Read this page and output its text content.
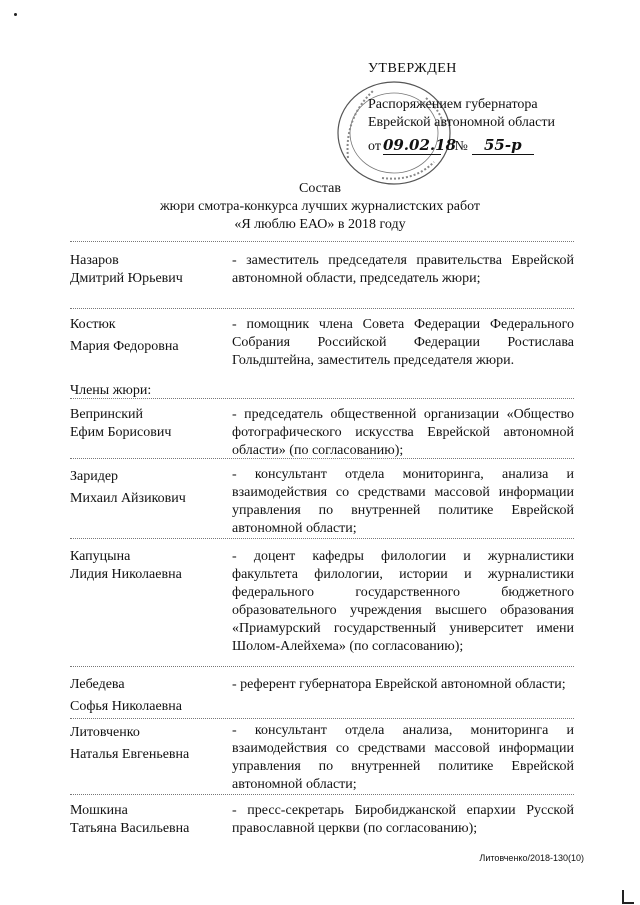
УТВЕРЖДЕН
Распоряжением губернатора
Еврейской автономной области
от 09.02.18 № 55-р
Состав
жюри смотра-конкурса лучших журналистских работ
«Я люблю ЕАО» в 2018 году
Назаров
Дмитрий Юрьевич
- заместитель председателя правительства Еврейской автономной области, председатель жюри;
Костюк
Мария Федоровна
- помощник члена Совета Федерации Федерального Собрания Российской Федерации Ростислава Гольдштейна, заместитель председателя жюри.
Члены жюри:
Вепринский
Ефим Борисович
- председатель общественной организации «Общество фотографического искусства Еврейской автономной области» (по согласованию);
Заридер
Михаил Айзикович
- консультант отдела мониторинга, анализа и взаимодействия со средствами массовой информации управления по внутренней политике Еврейской автономной области;
Капуцына
Лидия Николаевна
- доцент кафедры филологии и журналистики факультета филологии, истории и журналистики федерального государственного бюджетного образовательного учреждения высшего образования «Приамурский государственный университет имени Шолом-Алейхема» (по согласованию);
Лебедева
Софья Николаевна
- референт губернатора Еврейской автономной области;
Литовченко
Наталья Евгеньевна
- консультант отдела анализа, мониторинга и взаимодействия со средствами массовой информации управления по внутренней политике Еврейской автономной области;
Мошкина
Татьяна Васильевна
- пресс-секретарь Биробиджанской епархии Русской православной церкви (по согласованию);
Литовченко/2018-130(10)
